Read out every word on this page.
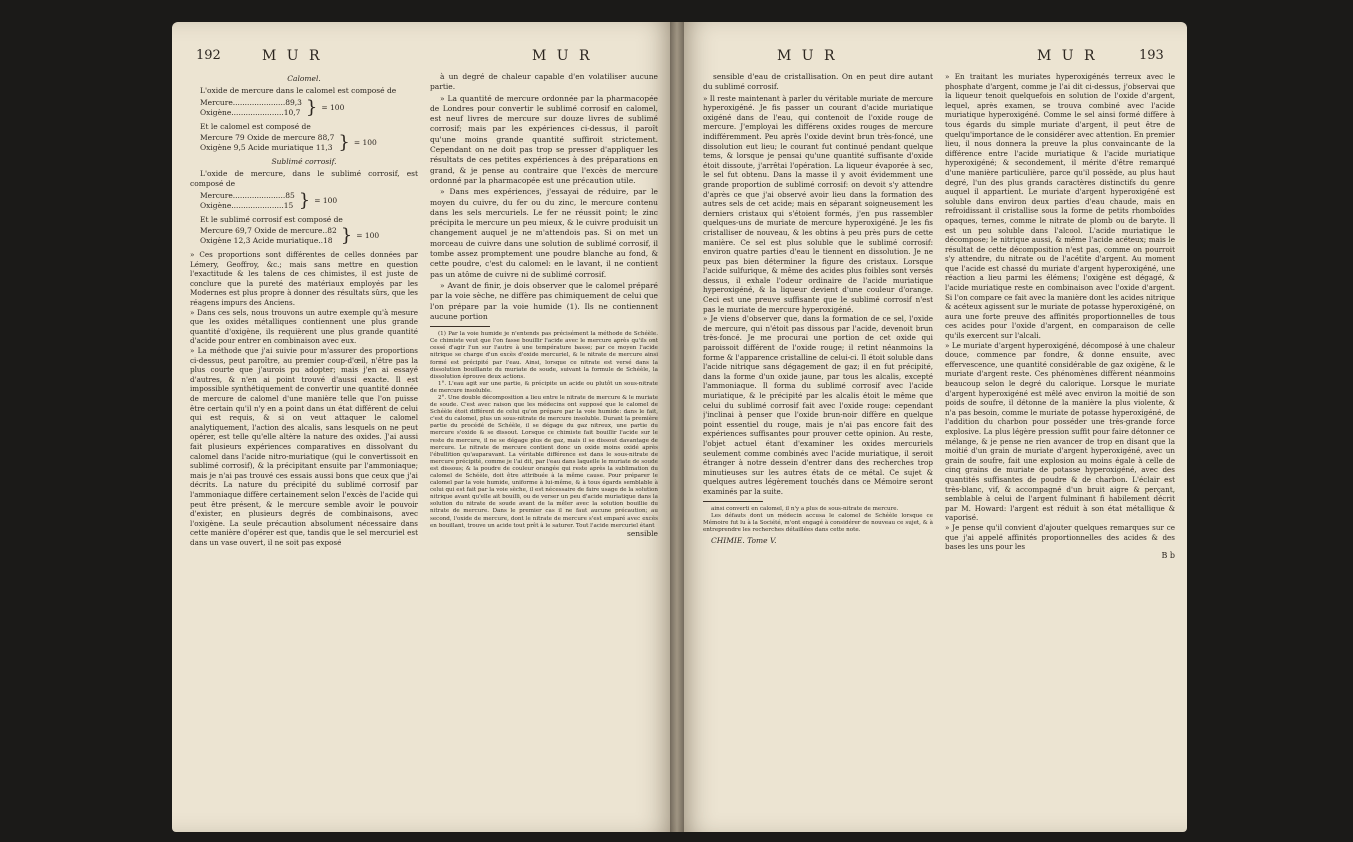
192	M U R	M U R

Calomel.

L'oxide de mercure dans le calomel est composé de

Mercure......................89,3
Oxigène......................10,7	}	= 100

Et le calomel est composé de

Mercure 79 Oxide de mercure 88,7
Oxigène 9,5 Acide muriatique 11,3	}	= 100

Sublimé corrosif.

L'oxide de mercure, dans le sublimé corrosif, est composé de

Mercure......................85
Oxigène......................15	}	= 100

Et le sublimé corrosif est composé de

Mercure 69,7 Oxide de mercure..82
Oxigène 12,3 Acide muriatique..18	}	= 100

» Ces proportions sont différentes de celles données par Lémery, Geoffroy, &c.; mais sans mettre en question l'exactitude & les talens de ces chimistes, il est juste de conclure que la pureté des matériaux employés par les Modernes est plus propre à donner des résultats sûrs, que les réagens impurs des Anciens.

» Dans ces sels, nous trouvons un autre exemple qu'à mesure que les oxides métalliques contiennent une plus grande quantité d'oxigène, ils requièrent une plus grande quantité d'acide pour entrer en combinaison avec eux.

» La méthode que j'ai suivie pour m'assurer des proportions ci-dessus, peut paroître, au premier coup-d'œil, n'être pas la plus courte que j'aurois pu adopter; mais j'en ai essayé d'autres, & n'en ai point trouvé d'aussi exacte. Il est impossible synthétiquement de convertir une quantité donnée de mercure de calomel d'une manière telle que l'on puisse être certain qu'il n'y en a point dans un état différent de celui qui est requis, & si on veut attaquer le calomel analytiquement, l'action des alcalis, sans lesquels on ne peut opérer, est telle qu'elle altère la nature des oxides. J'ai aussi fait plusieurs expériences comparatives en dissolvant du calomel dans l'acide nitro-muriatique (qui le convertissoit en sublimé corrosif), & la précipitant ensuite par l'ammoniaque; mais je n'ai pas trouvé ces essais aussi bons que ceux que j'ai décrits. La nature du précipité du sublimé corrosif par l'ammoniaque diffère certainement selon l'excès de l'acide qui peut être présent, & le mercure semble avoir le pouvoir d'exister, en plusieurs degrés de combinaisons, avec l'oxigène. La seule précaution absolument nécessaire dans cette manière d'opérer est que, tandis que le sel mercuriel est dans un vase ouvert, il ne soit pas exposé

à un degré de chaleur capable d'en volatiliser aucune partie.

» La quantité de mercure ordonnée par la pharmacopée de Londres pour convertir le sublimé corrosif en calomel, est neuf livres de mercure sur douze livres de sublimé corrosif; mais par les expériences ci-dessus, il paroît qu'une moins grande quantité suffiroit strictement. Cependant on ne doit pas trop se presser d'appliquer les résultats de ces petites expériences à des préparations en grand, & je pense au contraire que l'excès de mercure ordonné par la pharmacopée est une précaution utile.

» Dans mes expériences, j'essayai de réduire, par le moyen du cuivre, du fer ou du zinc, le mercure contenu dans les sels mercuriels. Le fer ne réussit point; le zinc précipita le mercure un peu mieux, & le cuivre produisit un changement auquel je ne m'attendois pas. Si on met un morceau de cuivre dans une solution de sublimé corrosif, il tombe assez promptement une poudre blanche au fond, & cette poudre, c'est du calomel: en le lavant, il ne contient pas un atôme de cuivre ni de sublimé corrosif.

» Avant de finir, je dois observer que le calomel préparé par la voie sèche, ne diffère pas chimiquement de celui que l'on prépare par la voie humide (1). Ils ne contiennent aucune portion

(1) Par la voie humide je n'entends pas précisément la méthode de Schéèle. Ce chimiste veut que l'on fasse bouillir l'acide avec le mercure après qu'ils ont cessé d'agir l'un sur l'autre à une température basse; par ce moyen l'acide nitrique se charge d'un excès d'oxide mercuriel, & le nitrate de mercure ainsi formé est précipité par l'eau. Ainsi, lorsque ce nitrate est versé dans la dissolution bouillante du muriate de soude, suivant la formule de Schéèle, la dissolution éprouve deux actions.

1°. L'eau agit sur une partie, & précipite un acide ou plutôt un sous-nitrate de mercure insoluble.

2°. Une double décomposition a lieu entre le nitrate de mercure & le muriate de soude. C'est avec raison que les médecins ont supposé que le calomel de Schéèle étoit différent de celui qu'on prépare par la voie humide: dans le fait, c'est du calomel, plus un sous-nitrate de mercure insoluble. Durant la première partie du procédé de Schéèle, il se dégage du gaz nitreux, une partie du mercure s'oxide & se dissout. Lorsque ce chimiste fait bouillir l'acide sur le reste du mercure, il ne se dégage plus de gaz, mais il se dissout davantage de mercure. Le nitrate de mercure contient donc un oxide moins oxidé après l'ébullition qu'auparavant. La véritable différence est dans le sous-nitrate de mercure précipité, comme je l'ai dit, par l'eau dans laquelle le muriate de soude est dissous; & la poudre de couleur orangée qui reste après la sublimation du calomel de Schéèle, doit être attribuée à la même cause. Pour préparer le calomel par la voie humide, uniforme à lui-même, & à tous égards semblable à celui qui est fait par la voie sèche, il est nécessaire de faire usage de la solution nitrique avant qu'elle ait bouilli, ou de verser un peu d'acide muriatique dans la solution du nitrate de soude avant de la mêler avec la solution bouillie du nitrate de mercure. Dans le premier cas il ne faut aucune précaution; au second, l'oxide de mercure, dont le nitrate de mercure s'est emparé avec excès en bouillant, trouve un acide tout prêt à le saturer. Tout l'acide mercuriel étant

sensible

M U R	M U R	193

sensible d'eau de cristallisation. On en peut dire autant du sublimé corrosif.

» Il reste maintenant à parler du véritable muriate de mercure hyperoxigéné. Je fis passer un courant d'acide muriatique oxigéné dans de l'eau, qui contenoit de l'oxide rouge de mercure. J'employai les différens oxides rouges de mercure indifféremment. Peu après l'oxide devint brun très-foncé, une dissolution eut lieu; le courant fut continué pendant quelque tems, & lorsque je pensai qu'une quantité suffisante d'oxide étoit dissoute, j'arrêtai l'opération. La liqueur évaporée à sec, le sel fut obtenu. Dans la masse il y avoit évidemment une grande proportion de sublimé corrosif: on devoit s'y attendre d'après ce que j'ai observé avoir lieu dans la formation des autres sels de cet acide; mais en séparant soigneusement les derniers cristaux qui s'étoient formés, j'en pus rassembler quelques-uns de muriate de mercure hyperoxigéné. Je les fis cristalliser de nouveau, & les obtins à peu près purs de cette manière. Ce sel est plus soluble que le sublimé corrosif: environ quatre parties d'eau le tiennent en dissolution. Je ne peux pas bien déterminer la figure des cristaux. Lorsque l'acide sulfurique, & même des acides plus foibles sont versés dessus, il exhale l'odeur ordinaire de l'acide muriatique hyperoxigéné, & la liqueur devient d'une couleur d'orange. Ceci est une preuve suffisante que le sublimé corrosif n'est pas le muriate de mercure hyperoxigéné.

» Je viens d'observer que, dans la formation de ce sel, l'oxide de mercure, qui n'étoit pas dissous par l'acide, devenoit brun très-foncé. Je me procurai une portion de cet oxide qui paroissoit différent de l'oxide rouge; il retint néanmoins la forme & l'apparence cristalline de celui-ci. Il étoit soluble dans l'acide nitrique sans dégagement de gaz; il en fut précipité, dans la forme d'un oxide jaune, par tous les alcalis, excepté l'ammoniaque. Il forma du sublimé corrosif avec l'acide muriatique, & le précipité par les alcalis étoit le même que celui du sublimé corrosif fait avec l'oxide rouge: cependant j'inclinai à penser que l'oxide brun-noir diffère en quelque point essentiel du rouge, mais je n'ai pas encore fait des expériences suffisantes pour prouver cette opinion. Au reste, l'objet actuel étant d'examiner les oxides mercuriels seulement comme combinés avec l'acide muriatique, il seroit étranger à notre dessein d'entrer dans des recherches trop minutieuses sur les autres états de ce métal. Ce sujet & quelques autres légèrement touchés dans ce Mémoire seront examinés par la suite.

ainsi converti en calomel, il n'y a plus de sous-nitrate de mercure.

Les défauts dont un médecin accusa le calomel de Schéèle lorsque ce Mémoire fut lu à la Société, m'ont engagé à considérer de nouveau ce sujet, & à entreprendre les recherches détaillées dans cette note.

CHIMIE. Tome V.

» En traitant les muriates hyperoxigénés terreux avec le phosphate d'argent, comme je l'ai dit ci-dessus, j'observai que la liqueur tenoit quelquefois en solution de l'oxide d'argent, lequel, après examen, se trouva combiné avec l'acide muriatique hyperoxigéné. Comme le sel ainsi formé diffère à tous égards du simple muriate d'argent, il peut être de quelqu'importance de le considérer avec attention. En premier lieu, il nous donnera la preuve la plus convaincante de la différence entre l'acide muriatique & l'acide muriatique hyperoxigéné; & secondement, il mérite d'être remarqué d'une manière particulière, parce qu'il possède, au plus haut degré, l'un des plus grands caractères distinctifs du genre auquel il appartient. Le muriate d'argent hyperoxigéné est soluble dans environ deux parties d'eau chaude, mais en refroidissant il cristallise sous la forme de petits rhomboïdes opaques, ternes, comme le nitrate de plomb ou de baryte. Il est un peu soluble dans l'alcool. L'acide muriatique le décompose; le nitrique aussi, & même l'acide acéteux; mais le résultat de cette décomposition n'est pas, comme on pourroit s'y attendre, du nitrate ou de l'acétite d'argent. Au moment que l'acide est chassé du muriate d'argent hyperoxigéné, une réaction a lieu parmi les élémens; l'oxigène est dégagé, & l'acide muriatique reste en combinaison avec l'oxide d'argent. Si l'on compare ce fait avec la manière dont les acides nitrique & acéteux agissent sur le muriate de potasse hyperoxigéné, on aura une forte preuve des affinités proportionnelles de tous ces acides pour l'oxide d'argent, en comparaison de celle qu'ils exercent sur l'alcali.

» Le muriate d'argent hyperoxigéné, décomposé à une chaleur douce, commence par fondre, & donne ensuite, avec effervescence, une quantité considérable de gaz oxigène, & le muriate d'argent reste. Ces phénomènes diffèrent néanmoins beaucoup selon le degré du calorique. Lorsque le muriate d'argent hyperoxigéné est mêlé avec environ la moitié de son poids de soufre, il détonne de la manière la plus violente, & n'a pas besoin, comme le muriate de potasse hyperoxigéné, de l'addition du charbon pour posséder une très-grande force explosive. La plus légère pression suffit pour faire détonner ce mélange, & je pense ne rien avancer de trop en disant que la moitié d'un grain de muriate d'argent hyperoxigéné, avec un grain de soufre, fait une explosion au moins égale à celle de cinq grains de muriate de potasse hyperoxigéné, avec des quantités suffisantes de poudre & de charbon. L'éclair est très-blanc, vif, & accompagné d'un bruit aigre & perçant, semblable à celui de l'argent fulminant fi habilement décrit par M. Howard: l'argent est réduit à son état métallique & vaporisé.

» Je pense qu'il convient d'ajouter quelques remarques sur ce que j'ai appelé affinités proportionnelles des acides & des bases les uns pour les

B b
